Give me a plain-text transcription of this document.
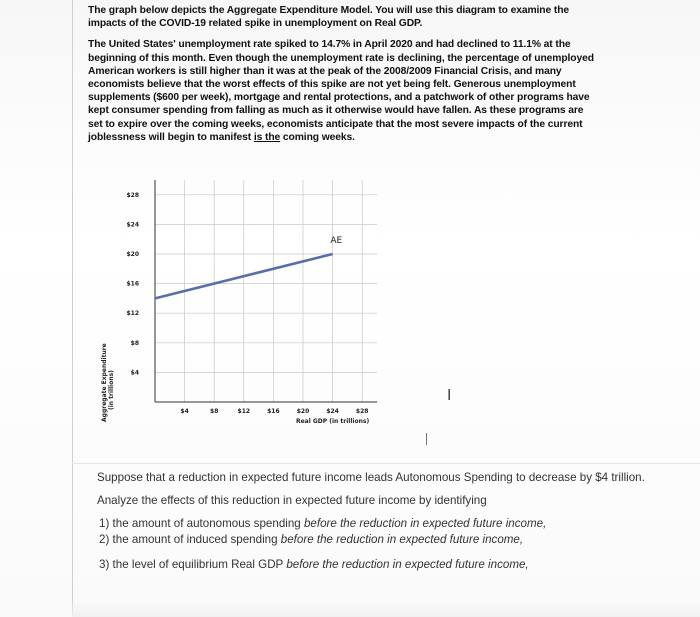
The graph below depicts the Aggregate Expenditure Model. You will use this diagram to examine the impacts of the COVID-19 related spike in unemployment on Real GDP.

The United States' unemployment rate spiked to 14.7% in April 2020 and had declined to 11.1% at the beginning of this month. Even though the unemployment rate is declining, the percentage of unemployed American workers is still higher than it was at the peak of the 2008/2009 Financial Crisis, and many economists believe that the worst effects of this spike are not yet being felt. Generous unemployment supplements ($600 per week), mortgage and rental protections, and a patchwork of other programs have kept consumer spending from falling as much as it otherwise would have fallen. As these programs are set to expire over the coming weeks, economists anticipate that the most severe impacts of the current joblessness will begin to manifest is the coming weeks.

$4
$8
$12
$16
$20
$24
$28
$4	$8	$12	$16	$20	$24	$28
Real GDP (in trillions)
AE
Aggregate Expenditure (in trillions)	I

Suppose that a reduction in expected future income leads Autonomous Spending to decrease by $4 trillion.

Analyze the effects of this reduction in expected future income by identifying

1) the amount of autonomous spending before the reduction in expected future income,

2) the amount of induced spending before the reduction in expected future income,

3) the level of equilibrium Real GDP before the reduction in expected future income,
